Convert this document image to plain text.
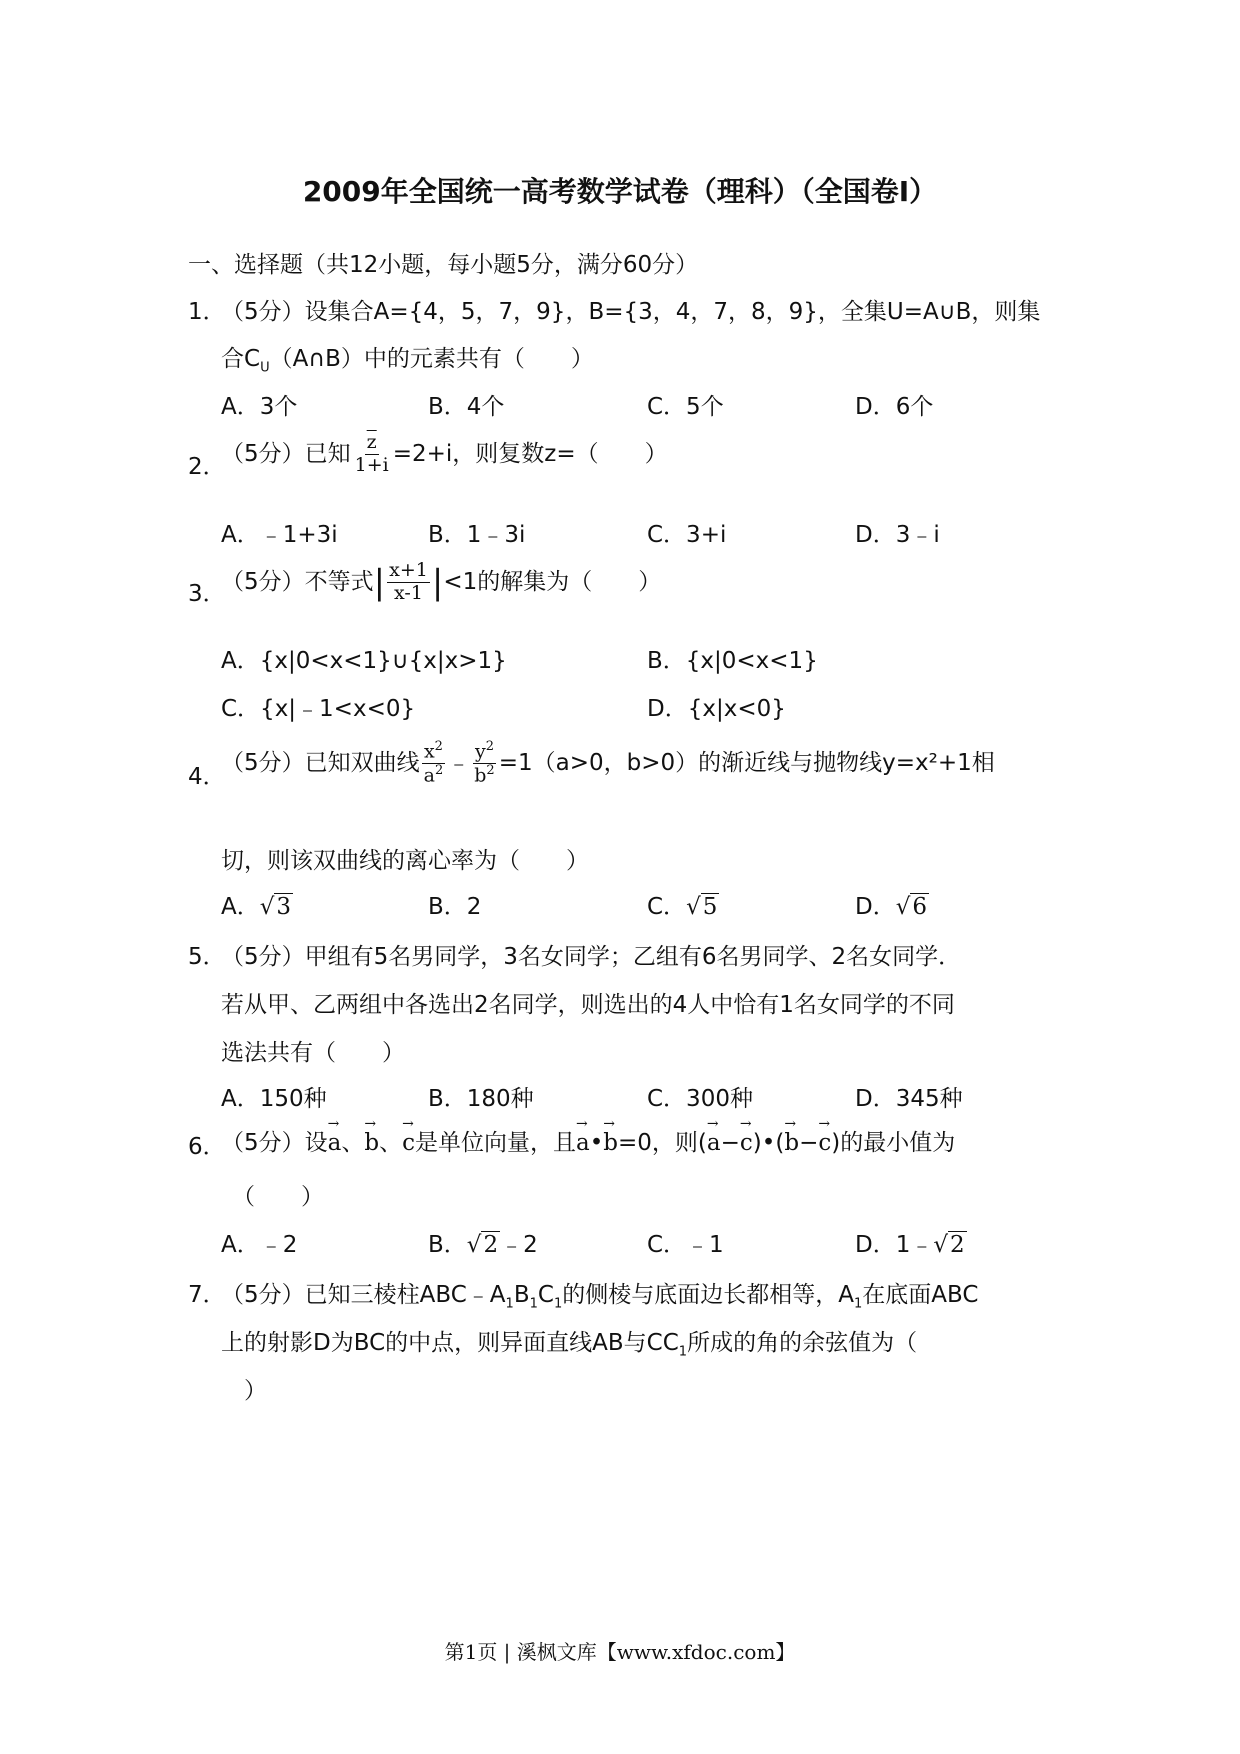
2009年全国统一高考数学试卷（理科）（全国卷Ⅰ）
一、选择题（共12小题，每小题5分，满分60分）
1．
（5分）设集合A={4，5，7，9}，B={3，4，7，8，9}，全集U=A∪B，则集
合$C_U(A\cap B)$中的元素共有（　　）
A．3个	B．4个	C．5个	D．6个
2．
（5分）已知 $\frac{\overline{z}}{1+i} =2+i$，则复数z=（　　）
A．﹣1+3i	B．1﹣3i	C．3+i	D．3﹣i
3．
（5分）不等式| $\frac{x+1}{x-1} |<1$的解集为（　　）
A．{x|0<x<1}∪{x|x>1}	B．{x|0<x<1}
C．{x|﹣1<x<0}	D．{x|x<0}
4．
（5分）已知双曲线 $\frac{x^2}{a^2}$ ﹣ $\frac{y^2}{b^2} =1(a>0$，b>0）的渐近线与抛物线y=x²+1相
切，则该双曲线的离心率为（　　）
A．√3	B．2	C．√5	D．√6
5．
（5分）甲组有5名男同学，3名女同学；乙组有6名男同学、2名女同学．
若从甲、乙两组中各选出2名同学，则选出的4人中恰有1名女同学的不同
选法共有（　　）
A．150种	B．180种	C．300种	D．345种
6．
（5分）设→ a、→ b、→ c是单位向量，且→ a•→ b=0，则(→ a−→ c)•(→ b−→ c)的最小值为
（　　）
A．﹣2	B．√2﹣2	C．﹣1	D．1﹣√2
7．
（5分）已知三棱柱$ABC﹣A_1B_1C_1$的侧棱与底面边长都相等，$A_1$在底面ABC
上的射影D为BC的中点，则异面直线AB与$CC_1$所成的角的余弦值为（
）
第1页 | 溪枫文库【www.xfdoc.com】
